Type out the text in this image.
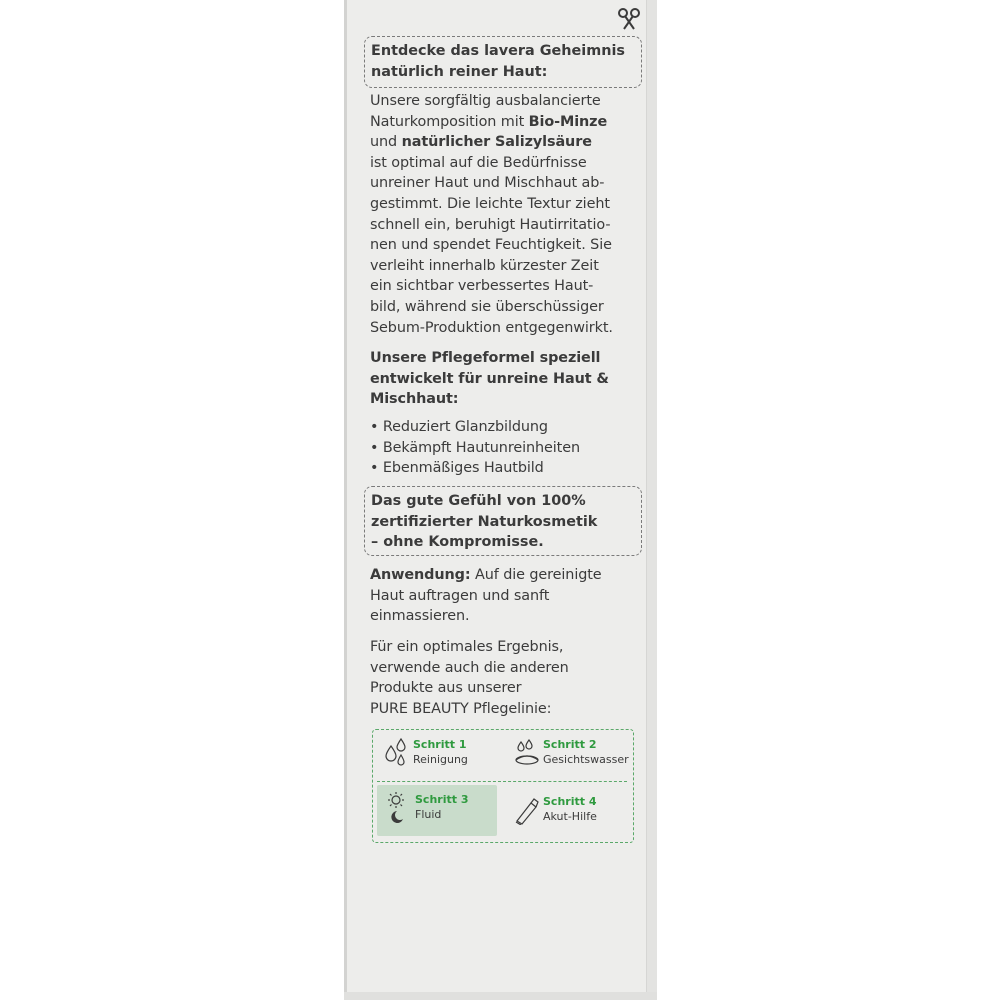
Entdecke das lavera Geheimnis
natürlich reiner Haut:
Unsere sorgfältig ausbalancierte
Naturkomposition mit Bio-Minze
und natürlicher Salizylsäure
ist optimal auf die Bedürfnisse
unreiner Haut und Mischhaut ab-
gestimmt. Die leichte Textur zieht
schnell ein, beruhigt Hautirritatio-
nen und spendet Feuchtigkeit. Sie
verleiht innerhalb kürzester Zeit
ein sichtbar verbessertes Haut-
bild, während sie überschüssiger
Sebum-Produktion entgegenwirkt.
Unsere Pflegeformel speziell
entwickelt für unreine Haut &
Mischhaut:
• Reduziert Glanzbildung
• Bekämpft Hautunreinheiten
• Ebenmäßiges Hautbild
Das gute Gefühl von 100%
zertifizierter Naturkosmetik
– ohne Kompromisse.
Anwendung: Auf die gereinigte
Haut auftragen und sanft
einmassieren.
Für ein optimales Ergebnis,
verwende auch die anderen
Produkte aus unserer
PURE BEAUTY Pflegelinie:
Schritt 1
Reinigung
Schritt 2
Gesichtswasser
Schritt 3
Fluid
Schritt 4
Akut-Hilfe
